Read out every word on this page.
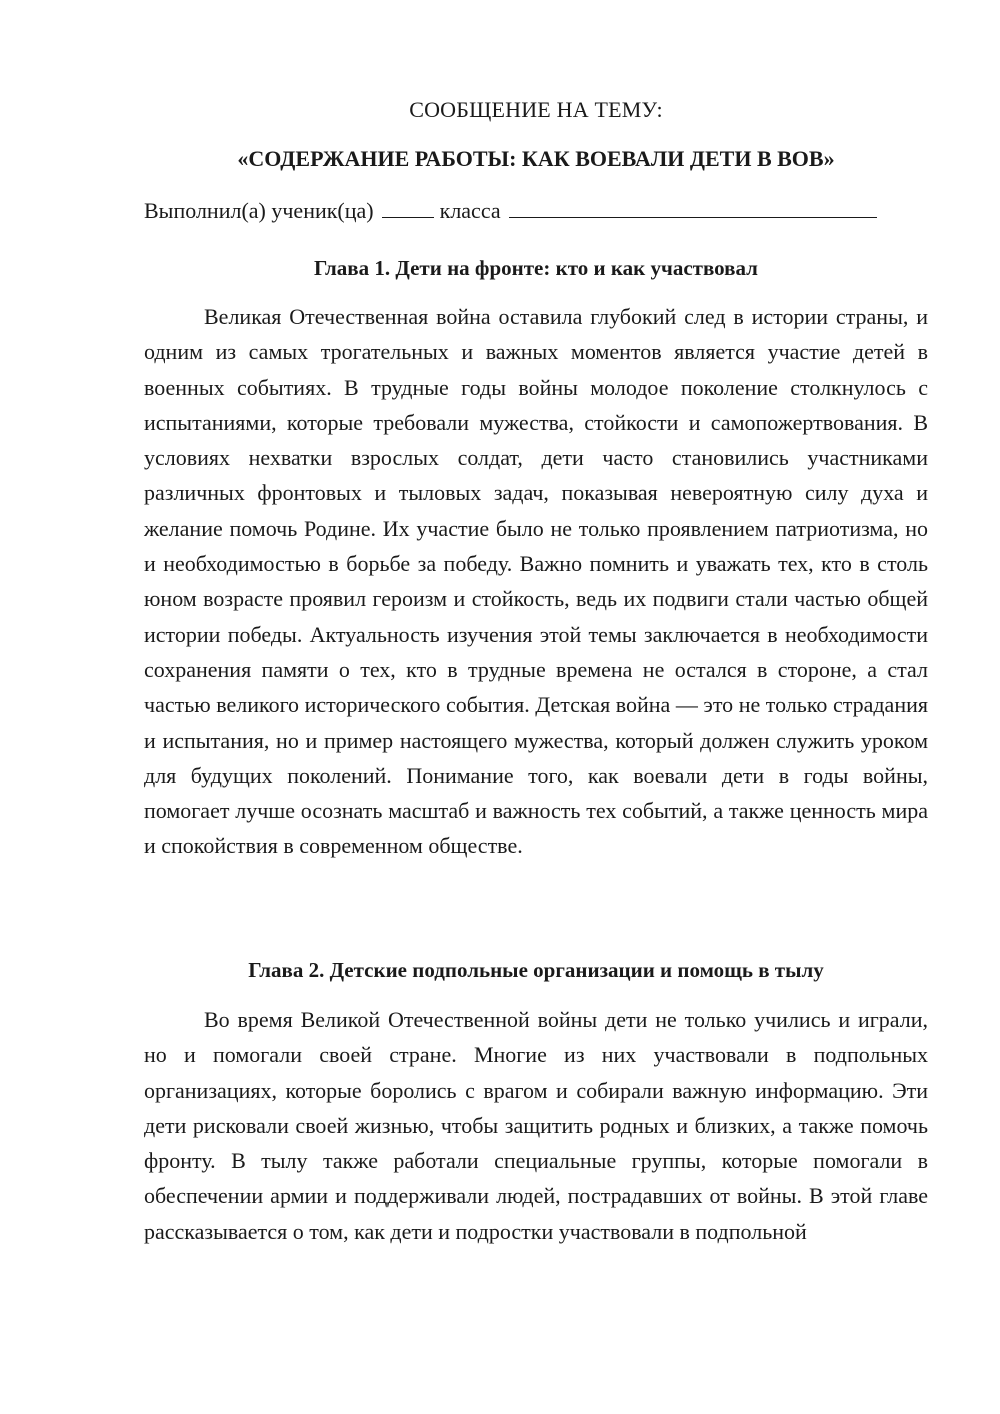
СООБЩЕНИЕ НА ТЕМУ:
«СОДЕРЖАНИЕ РАБОТЫ: КАК ВОЕВАЛИ ДЕТИ В ВОВ»
Выполнил(а) ученик(ца)	класса
Глава 1. Дети на фронте: кто и как участвовал

Великая Отечественная война оставила глубокий след в истории страны, и одним из самых трогательных и важных моментов является участие детей в военных событиях. В трудные годы войны молодое поколение столкнулось с испытаниями, которые требовали мужества, стойкости и самопожертвования. В условиях нехватки взрослых солдат, дети часто становились участниками различных фронтовых и тыловых задач, показывая невероятную силу духа и желание помочь Родине. Их участие было не только проявлением патриотизма, но и необходимостью в борьбе за победу. Важно помнить и уважать тех, кто в столь юном возрасте проявил героизм и стойкость, ведь их подвиги стали частью общей истории победы. Актуальность изучения этой темы заключается в необходимости сохранения памяти о тех, кто в трудные времена не остался в стороне, а стал частью великого исторического события. Детская война — это не только страдания и испытания, но и пример настоящего мужества, который должен служить уроком для будущих поколений. Понимание того, как воевали дети в годы войны, помогает лучше осознать масштаб и важность тех событий, а также ценность мира и спокойствия в современном обществе.

Глава 2. Детские подпольные организации и помощь в тылу

Во время Великой Отечественной войны дети не только учились и играли, но и помогали своей стране. Многие из них участвовали в подпольных организациях, которые боролись с врагом и собирали важную информацию. Эти дети рисковали своей жизнью, чтобы защитить родных и близких, а также помочь фронту. В тылу также работали специальные группы, которые помогали в обеспечении армии и поддерживали людей, пострадавших от войны. В этой главе рассказывается о том, как дети и подростки участвовали в подпольной
